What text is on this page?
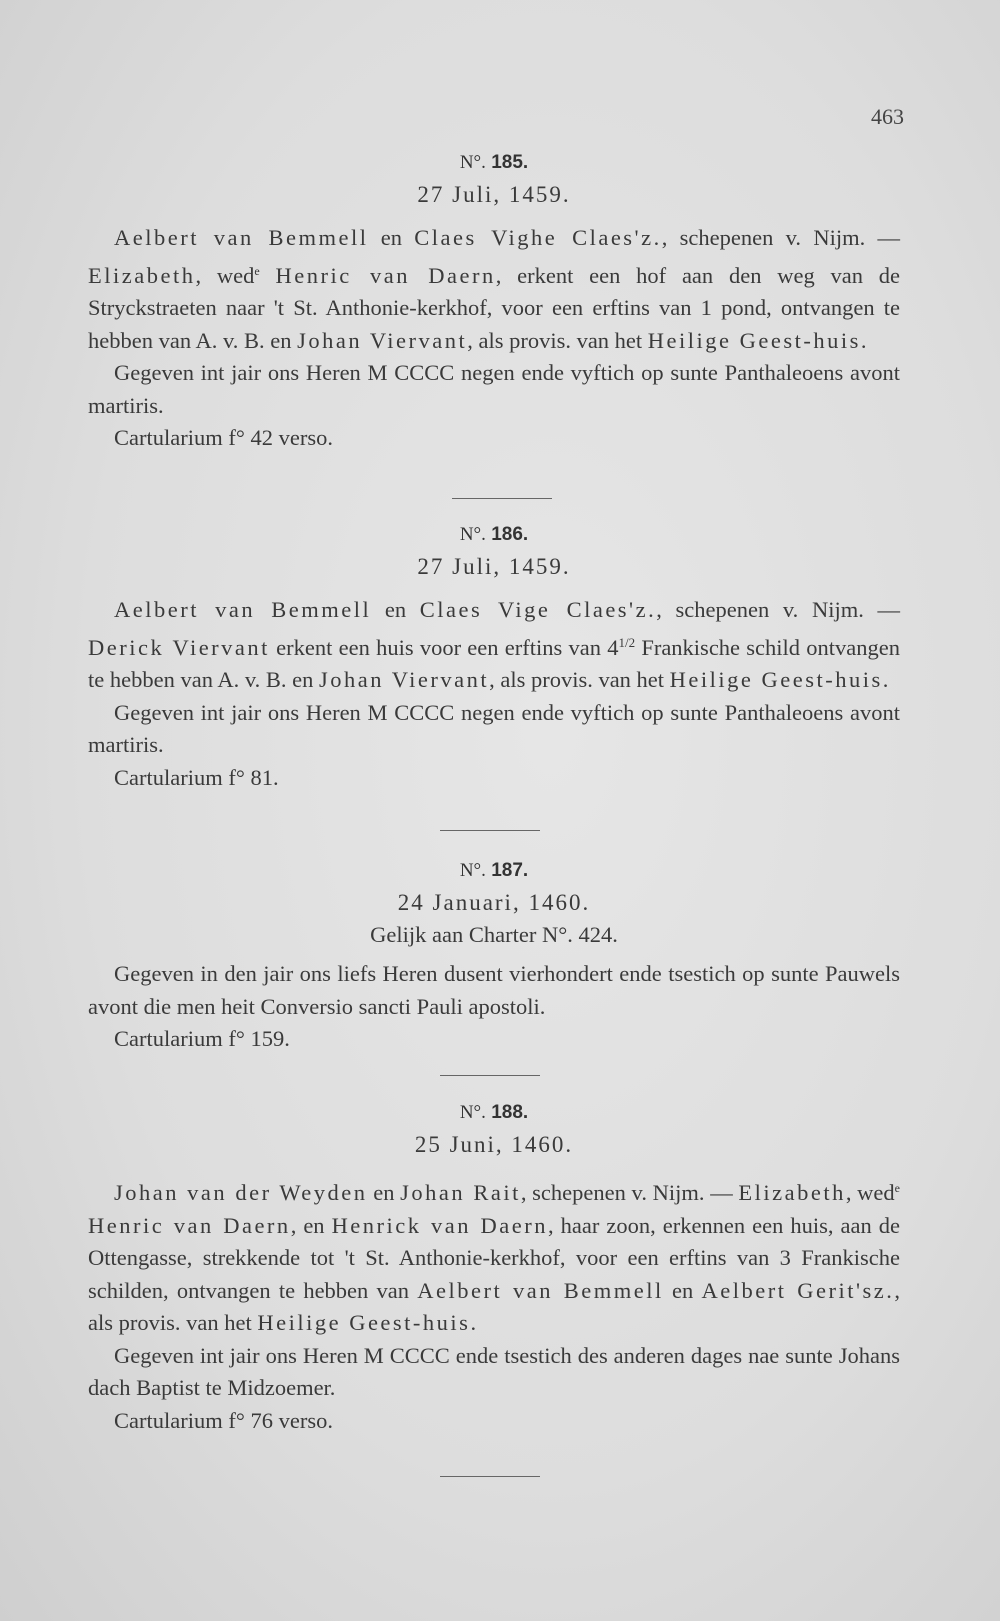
463
N°. 185.
27 Juli, 1459.
Aelbert van Bemmell en Claes Vighe Claes'z., schepenen v. Nijm. — Elizabeth, wed$^e$ Henric van Daern, erkent een hof aan den weg van de Stryckstraeten naar 't St. Anthonie-kerkhof, voor een erftins van 1 pond, ontvangen te hebben van A. v. B. en Johan Viervant, als provis. van het Heilige Geest-huis.
Gegeven int jair ons Heren M CCCC negen ende vyftich op sunte Panthaleoens avont martiris.
Cartularium f° 42 verso.
N°. 186.
27 Juli, 1459.
Aelbert van Bemmell en Claes Vige Claes'z., schepenen v. Nijm. — Derick Viervant erkent een huis voor een erftins van $4^{1/2}$ Frankische schild ontvangen te hebben van A. v. B. en Johan Viervant, als provis. van het Heilige Geest-huis.
Gegeven int jair ons Heren M CCCC negen ende vyftich op sunte Panthaleoens avont martiris.
Cartularium f° 81.
N°. 187.
24 Januari, 1460.
Gelijk aan Charter N°. 424.
Gegeven in den jair ons liefs Heren dusent vierhondert ende tsestich op sunte Pauwels avont die men heit Conversio sancti Pauli apostoli.
Cartularium f° 159.
N°. 188.
25 Juni, 1460.
Johan van der Weyden en Johan Rait, schepenen v. Nijm. — Elizabeth, wed$^e$ Henric van Daern, en Henrick van Daern, haar zoon, erkennen een huis, aan de Ottengasse, strekkende tot 't St. Anthonie-kerkhof, voor een erftins van 3 Frankische schilden, ontvangen te hebben van Aelbert van Bemmell en Aelbert Gerit'sz., als provis. van het Heilige Geest-huis.
Gegeven int jair ons Heren M CCCC ende tsestich des anderen dages nae sunte Johans dach Baptist te Midzoemer.
Cartularium f° 76 verso.
